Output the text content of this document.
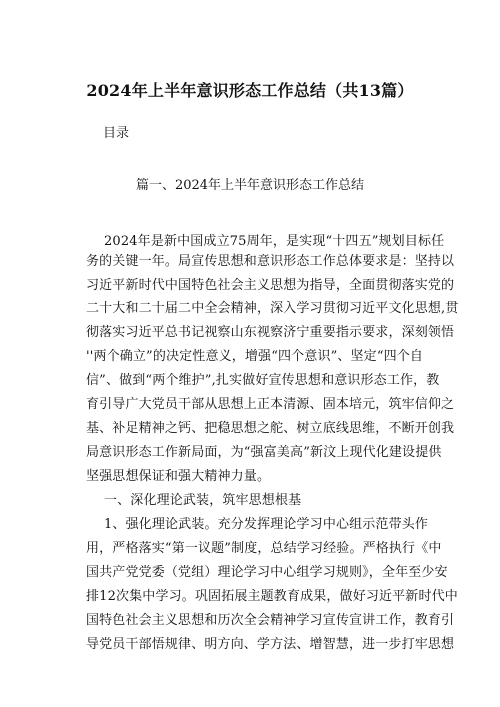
2024年上半年意识形态工作总结（共13篇）
目录
篇一、2024年上半年意识形态工作总结
2024年是新中国成立75周年，是实现“十四五”规划目标任
务的关键一年。局宣传思想和意识形态工作总体要求是：坚持以
习近平新时代中国特色社会主义思想为指导，全面贯彻落实党的
二十大和二十届二中全会精神，深入学习贯彻习近平文化思想,贯
彻落实习近平总书记视察山东视察济宁重要指示要求，深刻领悟
''两个确立”的决定性意义，增强“四个意识”、坚定“四个自
信”、做到“两个维护”,扎实做好宣传思想和意识形态工作，教
育引导广大党员干部从思想上正本清源、固本培元，筑牢信仰之
基、补足精神之钙、把稳思想之舵、树立底线思维，不断开创我
局意识形态工作新局面，为“强富美高”新汶上现代化建设提供
坚强思想保证和强大精神力量。
一、深化理论武装，筑牢思想根基
1、强化理论武装。充分发挥理论学习中心组示范带头作
用，严格落实“第一议题”制度，总结学习经验。严格执行《中
国共产党党委（党组）理论学习中心组学习规则》，全年至少安
排12次集中学习。巩固拓展主题教育成果，做好习近平新时代中
国特色社会主义思想和历次全会精神学习宣传宣讲工作，教育引
导党员干部悟规律、明方向、学方法、增智慧，进一步打牢思想
